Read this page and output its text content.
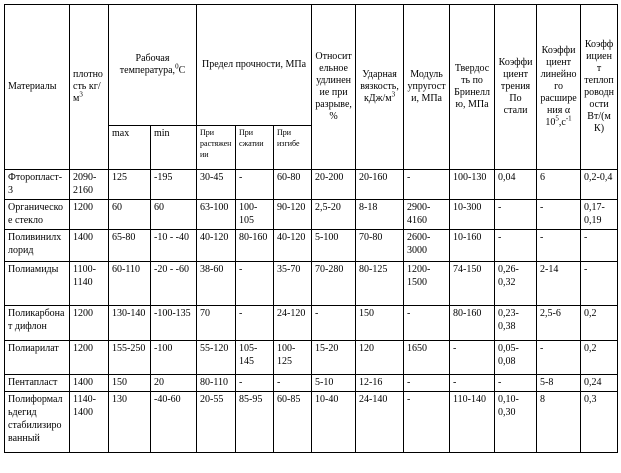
Материалы	плотность $кг/м^3$	Рабочая температура,$^0$С		Предел прочности, МПа			Относительное удлинение при разрыве, %	Ударная вязкость, кДж/$м^3$	Модуль упругости, МПа	Твердость по Бринеллю, МПа	Коэффициент трения По стали	Коэффициент линейного расширения α $10^5,с^{-1}$	Коэффициент теплопроводности Вт/(м К)
		max	min	При растяжении	При сжатии	При изгибе							
Фторопласт-3	2090-2160	125	-195	30-45	-	60-80	20-200	20-160	-	100-130	0,04	6	0,2-0,4
Органическое стекло	1200	60	60	63-100	100-105	90-120	2,5-20	8-18	2900-4160	10-300	-	-	0,17-0,19
Поливинилхлорид	1400	65-80	-10 - -40	40-120	80-160	40-120	5-100	70-80	2600-3000	10-160	-	-	-
Полиамиды	1100-1140	60-110	-20 - -60	38-60	-	35-70	70-280	80-125	1200-1500	74-150	0,26-0,32	2-14	-
Поликарбонат дифлон	1200	130-140	-100-135	70	-	24-120	-	150	-	80-160	0,23-0,38	2,5-6	0,2
Полиарилат	1200	155-250	-100	55-120	105-145	100-125	15-20	120	1650	-	0,05-0,08	-	0,2
Пентапласт	1400	150	20	80-110	-	-	5-10	12-16	-	-	-	5-8	0,24
Полиформальдегид стабилизированный	1140-1400	130	-40-60	20-55	85-95	60-85	10-40	24-140	-	110-140	0,10-0,30	8	0,3
